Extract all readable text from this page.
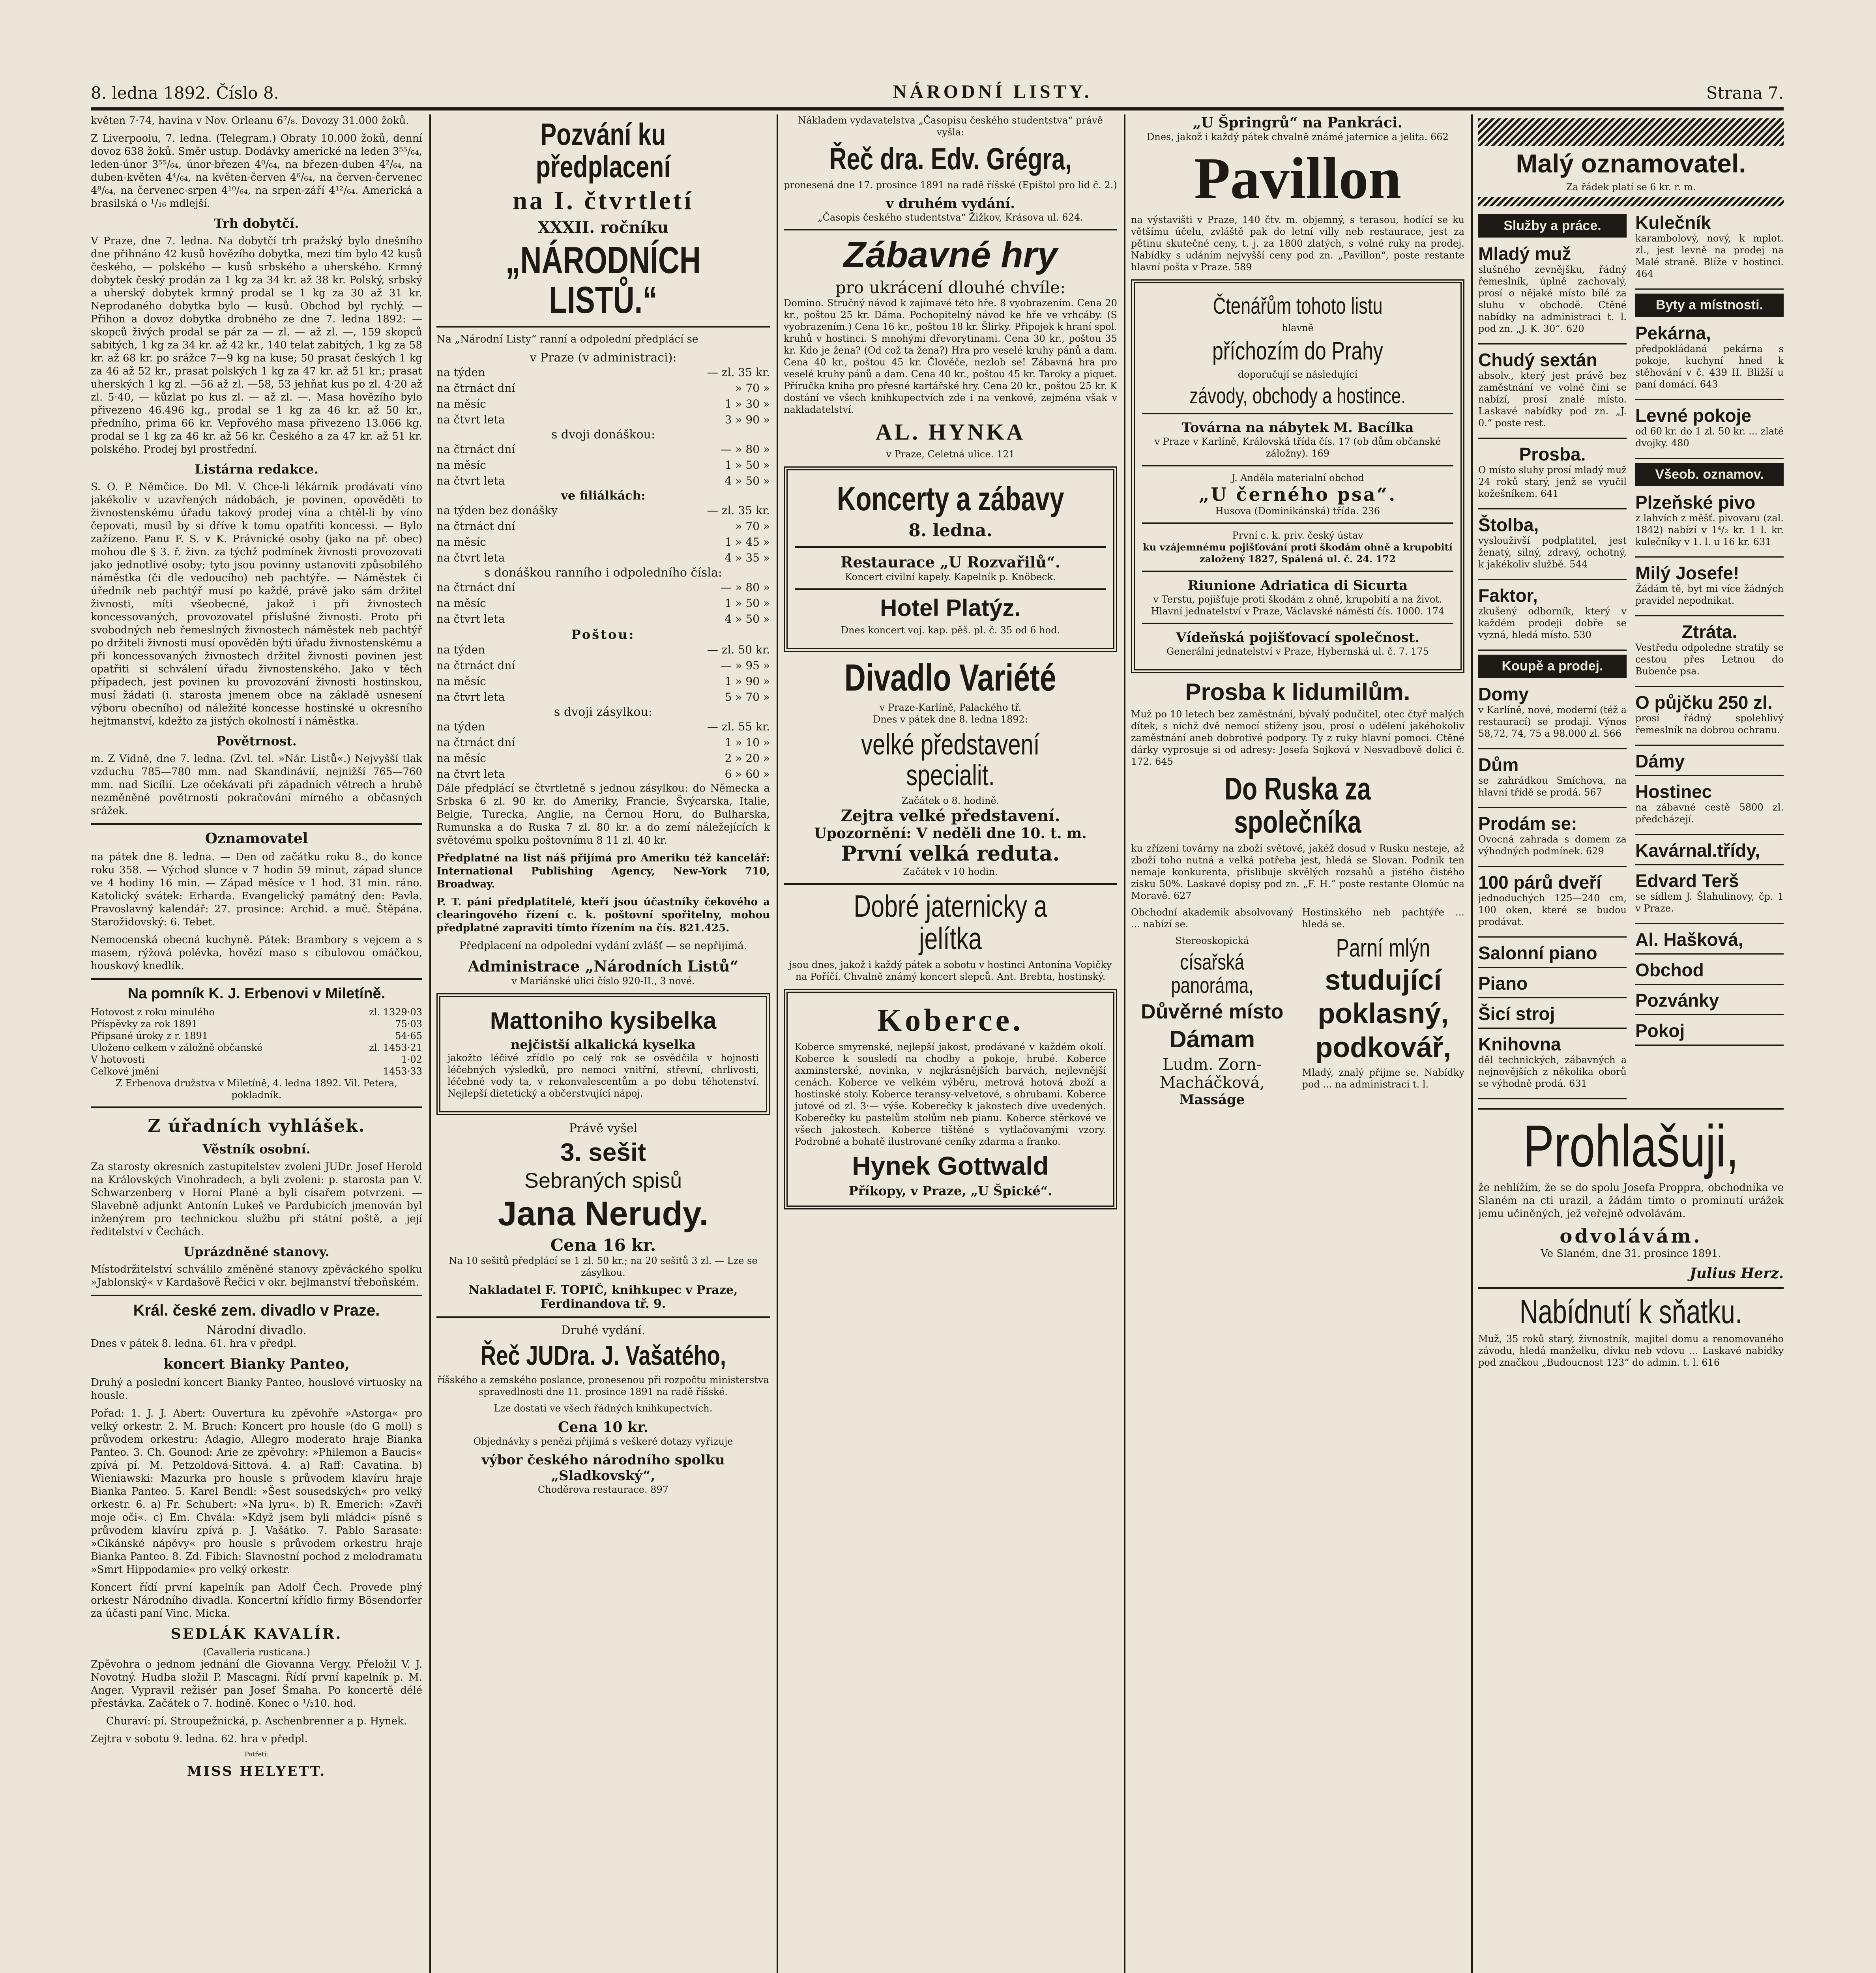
8. ledna 1892. Číslo 8.	NÁRODNÍ LISTY.	Strana 7.

květen 7·74, havina v Nov. Orleanu 6⁷/₈. Dovozy 31.000 žoků.

Z Liverpoolu, 7. ledna. (Telegram.) Obraty 10.000 žoků, denní dovoz 638 žoků. Směr ustup. Dodávky americké na leden 3⁵⁵/₆₄, leden-únor 3⁵⁵/₆₄, únor-březen 4⁰/₆₄, na březen-duben 4²/₆₄, na duben-květen 4⁴/₆₄, na květen-červen 4⁶/₆₄, na červen-červenec 4⁸/₆₄, na červenec-srpen 4¹⁰/₆₄, na srpen-září 4¹²/₆₄. Americká a brasilská o ¹/₁₆ mdlejší.

Trh dobytčí.

V Praze, dne 7. ledna. Na dobytčí trh pražský bylo dnešního dne přihnáno 42 kusů hovězího dobytka, mezi tím bylo 42 kusů českého, — polského — kusů srbského a uherského. Krmný dobytek český prodán za 1 kg za 34 kr. až 38 kr. Polský, srbský a uherský dobytek krmný prodal se 1 kg za 30 až 31 kr. Neprodaného dobytka bylo — kusů. Obchod byl rychlý. — Přihon a dovoz dobytka drobného ze dne 7. ledna 1892: — skopců živých prodal se pár za — zl. — až zl. —, 159 skopců sabitých, 1 kg za 34 kr. až 42 kr., 140 telat zabitých, 1 kg za 58 kr. až 68 kr. po srážce 7—9 kg na kuse; 50 prasat českých 1 kg za 46 až 52 kr., prasat polských 1 kg za 47 kr. až 51 kr.; prasat uherských 1 kg zl. —56 až zl. —58, 53 jehňat kus po zl. 4·20 až zl. 5·40, — kůzlat po kus zl. — až zl. —. Masa hovězího bylo přivezeno 46.496 kg., prodal se 1 kg za 46 kr. až 50 kr., předního, prima 66 kr. Vepřového masa přivezeno 13.066 kg. prodal se 1 kg za 46 kr. až 56 kr. Českého a za 47 kr. až 51 kr. polského. Prodej byl prostřední.

Listárna redakce.

S. O. P. Němčice. Do Ml. V. Chce-li lékárník prodávati víno jakékoliv v uzavřených nádobách, je povinen, opověděti to živnostenskému úřadu takový prodej vína a chtěl-li by víno čepovati, musil by si dříve k tomu opatřiti koncessi. — Bylo zažízeno. Panu F. S. v K. Právnické osoby (jako na př. obec) mohou dle § 3. ř. živn. za týchž podmínek živnosti provozovati jako jednotlivé osoby; tyto jsou povinny ustanoviti způsobilého náměstka (či dle vedoucího) neb pachtýře. — Náměstek či úředník neb pachtýř musí po každé, právě jako sám držitel živnosti, míti všeobecné, jakož i při živnostech koncessovaných, provozovatel příslušné živnosti. Proto při svobodných neb řemeslných živnostech náměstek neb pachtýř po držiteli živnosti musí opověděn býti úřadu živnostenskému a při koncessovaných živnostech držitel živnosti povinen jest opatřiti si schválení úřadu živnostenského. Jako v těch případech, jest povinen ku provozování živnosti hostinskou, musí žádati (i. starosta jmenem obce na základě usnesení výboru obecního) od náležité koncesse hostinské u okresního hejtmanství, kdežto za jistých okolností i náměstka.

Povětrnost.

m. Z Vídně, dne 7. ledna. (Zvl. tel. »Nár. Listů«.) Nejvyšší tlak vzduchu 785—780 mm. nad Skandinávií, nejnižší 765—760 mm. nad Sicílií. Lze očekávati při západních větrech a hrubě nezměněné povětrnosti pokračování mírného a občasných srážek.

Oznamovatel

na pátek dne 8. ledna. — Den od začátku roku 8., do konce roku 358. — Východ slunce v 7 hodin 59 minut, západ slunce ve 4 hodiny 16 min. — Západ měsíce v 1 hod. 31 min. ráno. Katolický svátek: Erharda. Evangelický památný den: Pavla. Pravoslavný kalendář: 27. prosince: Archid. a muč. Štěpána. Starožidovský: 6. Tebet.

Nemocenská obecná kuchyně. Pátek: Brambory s vejcem a s masem, rýžová polévka, hovězí maso s cibulovou omáčkou, houskový knedlík.

Na pomník K. J. Erbenovi v Miletíně.
Hotovost z roku minulého	zl. 1329·03
Příspěvky za rok 1891	75·03
Připsané úroky z r. 1891	54·65
Uloženo celkem v záložně občanské	zl. 1453·21
V hotovosti	1·02
Celkové jmění	1453·33

Z Erbenova družstva v Miletíně, 4. ledna 1892. Vil. Petera, pokladník.

Z úřadních vyhlášek.
Věstník osobní.

Za starosty okresních zastupitelstev zvoleni JUDr. Josef Herold na Královských Vinohradech, a byli zvoleni: p. starosta pan V. Schwarzenberg v Horní Plané a byli císařem potvrzeni. — Slavebně adjunkt Antonín Lukeš ve Pardubicích jmenován byl inženýrem pro technickou službu při státní poště, a její ředitelství v Čechách.

Uprázdněné stanovy.

Místodržitelství schválilo změněné stanovy zpěváckého spolku »Jablonský« v Kardašově Řečici v okr. bejlmanství třeboňském.

Král. české zem. divadlo v Praze.
Národní divadlo.

Dnes v pátek 8. ledna. 61. hra v předpl.

koncert Bianky Panteo,

Druhý a poslední koncert Bianky Panteo, houslové virtuosky na housle.

Pořad: 1. J. J. Abert: Ouvertura ku zpěvohře »Astorga« pro velký orkestr. 2. M. Bruch: Koncert pro housle (do G moll) s průvodem orkestru: Adagio, Allegro moderato hraje Bianka Panteo. 3. Ch. Gounod: Arie ze zpěvohry: »Philemon a Baucis« zpívá pí. M. Petzoldová-Sittová. 4. a) Raff: Cavatina. b) Wieniawski: Mazurka pro housle s průvodem klavíru hraje Bianka Panteo. 5. Karel Bendl: »Šest sousedských« pro velký orkestr. 6. a) Fr. Schubert: »Na lyru«. b) R. Emerich: »Zavři moje oči«. c) Em. Chvála: »Když jsem byli mládci« písně s průvodem klavíru zpívá p. J. Vašátko. 7. Pablo Sarasate: »Cikánské nápěvy« pro housle s průvodem orkestru hraje Bianka Panteo. 8. Zd. Fibich: Slavnostní pochod z melodramatu »Smrt Hippodamie« pro velký orkestr.

Koncert řídí první kapelník pan Adolf Čech. Provede plný orkestr Národního divadla. Koncertní křídlo firmy Bösendorfer za účasti paní Vinc. Micka.

SEDLÁK KAVALÍR.
(Cavalleria rusticana.)

Zpěvohra o jednom jednání dle Giovanna Vergy. Přeložil V. J. Novotný. Hudba složil P. Mascagni. Řídí první kapelník p. M. Anger. Vypravil režisér pan Josef Šmaha. Po koncertě délé přestávka. Začátek o 7. hodině. Konec o ¹/₂10. hod.

Churaví: pí. Stroupežnická, p. Aschenbrenner a p. Hynek.

Zejtra v sobotu 9. ledna. 62. hra v předpl.

Potřetí:
MISS HELYETT.
Pozvání ku předplacení
na I. čtvrtletí
XXXII. ročníku
„NÁRODNÍCH LISTŮ.“

Na „Národní Listy“ ranní a odpolední předplácí se

v Praze (v administraci):
na týden	— zl. 35 kr.
na čtrnáct dní	» 70 »
na měsíc	1 » 30 »
na čtvrt leta	3 » 90 »
s dvoji donáškou:
na čtrnáct dní	— » 80 »
na měsíc	1 » 50 »
na čtvrt leta	4 » 50 »
ve filiálkách:
na týden bez donášky	— zl. 35 kr.
na čtrnáct dní	» 70 »
na měsíc	1 » 45 »
na čtvrt leta	4 » 35 »
s donáškou ranního i odpoledního čísla:
na čtrnáct dní	— » 80 »
na měsíc	1 » 50 »
na čtvrt leta	4 » 50 »
Poštou:
na týden	— zl. 50 kr.
na čtrnáct dní	— » 95 »
na měsíc	1 » 90 »
na čtvrt leta	5 » 70 »
s dvoji zásylkou:
na týden	— zl. 55 kr.
na čtrnáct dní	1 » 10 »
na měsíc	2 » 20 »
na čtvrt leta	6 » 60 »

Dále předplácí se čtvrtletně s jednou zásylkou: do Německa a Srbska 6 zl. 90 kr. do Ameriky, Francie, Švýcarska, Italie, Belgie, Turecka, Anglie, na Černou Horu, do Bulharska, Rumunska a do Ruska 7 zl. 80 kr. a do zemí náležejících k světovému spolku poštovnímu 8 11 zl. 40 kr.

Předplatné na list náš přijímá pro Ameriku též kancelář: International Publishing Agency, New-York 710, Broadway.

P. T. páni předplatitelé, kteří jsou účastníky čekového a clearingového řízení c. k. poštovní spořitelny, mohou předplatné zapraviti tímto řízením na čís. 821.425.

Předplacení na odpolední vydání zvlášť — se nepřijímá.

Administrace „Národních Listů“
v Mariánské ulici číslo 920-II., 3 nové.
Mattoniho kysibelka
nejčistší alkalická kyselka

jakožto léčivé zřídlo po celý rok se osvědčila v hojnosti léčebných výsledků, pro nemoci vnitřní, střevní, chrlivosti, léčebné vody ta, v rekonvalescentům a po dobu těhotenství. Nejlepší dietetický a občerstvující nápoj.

Právě vyšel
3. sešit
Sebraných spisů
Jana Nerudy.
Cena 16 kr.

Na 10 sešitů předplácí se 1 zl. 50 kr.; na 20 sešitů 3 zl. — Lze se zásylkou.

Nakladatel F. TOPIČ, knihkupec v Praze, Ferdinandova tř. 9.
Druhé vydání.
Řeč JUDra. J. Vašatého,

říšského a zemského poslance, pronesenou při rozpočtu ministerstva spravedlnosti dne 11. prosince 1891 na radě říšské.

Lze dostati ve všech řádných knihkupectvích.

Cena 10 kr.

Objednávky s penězi přijímá s veškeré dotazy vyřizuje

výbor českého národního spolku „Sladkovský“,
Choděrova restaurace. 897

Nákladem vydavatelstva „Časopisu českého studentstva“ právě vyšla:

Řeč dra. Edv. Grégra,

pronesená dne 17. prosince 1891 na radě říšské (Epištol pro lid č. 2.)

v druhém vydání.

„Časopis českého studentstva“ Žižkov, Krásova ul. 624.

Zábavné hry
pro ukrácení dlouhé chvíle:

Domino. Stručný návod k zajímavé této hře. 8 vyobrazením. Cena 20 kr., poštou 25 kr. Dáma. Pochopitelný návod ke hře ve vrhcáby. (S vyobrazením.) Cena 16 kr., poštou 18 kr. Šlirky. Připojek k hraní spol. kruhů v hostinci. S mnohými dřevorytinami. Cena 30 kr., poštou 35 kr. Kdo je žena? (Od což ta žena?) Hra pro veselé kruhy pánů a dam. Cena 40 kr., poštou 45 kr. Člověče, nezlob se! Zábavná hra pro veselé kruhy pánů a dam. Cena 40 kr., poštou 45 kr. Taroky a piquet. Příručka kniha pro přesné kartářské hry. Cena 20 kr., poštou 25 kr. K dostání ve všech knihkupectvích zde i na venkově, zejména však v nakladatelství.

AL. HYNKA
v Praze, Celetná ulice. 121
Koncerty a zábavy
8. ledna.
Restaurace „U Rozvařilů“.

Koncert civilní kapely. Kapelník p. Knöbeck.

Hotel Platýz.

Dnes koncert voj. kap. pěš. pl. č. 35 od 6 hod.

Divadlo Variété
v Praze-Karlíně, Palackého tř.
Dnes v pátek dne 8. ledna 1892:
velké představení specialit.
Začátek o 8. hodině.
Zejtra velké představení.
Upozornění: V neděli dne 10. t. m.
První velká reduta.
Začátek v 10 hodin.
Dobré jaternicky a jelítka

jsou dnes, jakož i každý pátek a sobotu v hostinci Antonína Vopičky na Poříčí. Chvalně známý koncert slepců. Ant. Brebta, hostinský.

Koberce.

Koberce smyrenské, nejlepší jakost, prodávané v každém okolí. Koberce k sousledí na chodby a pokoje, hrubé. Koberce axminsterské, novinka, v nejkrásnějších barvách, nejlevnější cenách. Koberce ve velkém výběru, metrová hotová zboží a hostinské stoly. Koberce teransy-velvetové, s obrubami. Koberce jutové od zl. 3·— výše. Koberečky k jakostech díve uvedených. Koberečky ku pastelům stolům neb pianu. Koberce stěrkové ve všech jakostech. Koberce tištěné s vytlačovanými vzory. Podrobné a bohatě ilustrované ceníky zdarma a franko.

Hynek Gottwald
Příkopy, v Praze, „U Špické“.
„U Špringrů“ na Pankráci.

Dnes, jakož i každý pátek chvalně známé jaternice a jelita. 662

Pavillon

na výstavišti v Praze, 140 čtv. m. objemný, s terasou, hodící se ku většímu účelu, zvláště pak do letní villy neb restaurace, jest za pětinu skutečné ceny, t. j. za 1800 zlatých, s volné ruky na prodej. Nabídky s udáním nejvyšší ceny pod zn. „Pavillon“, poste restante hlavní pošta v Praze. 589

Čtenářům tohoto listu
hlavně
příchozím do Prahy
doporučují se následující
závody, obchody a hostince.
Továrna na nábytek M. Bacílka

v Praze v Karlíně, Královská třída čís. 17 (ob dům občanské záložny). 169

J. Anděla materialní obchod
„U černého psa“.

Husova (Dominikánská) třída. 236

První c. k. priv. český ústav

ku vzájemnému pojišťování proti škodám ohně a krupobití založený 1827, Spálená ul. č. 24. 172

Riunione Adriatica di Sicurta

v Terstu, pojišťuje proti škodám z ohně, krupobití a na život. Hlavní jednatelství v Praze, Václavské náměstí čís. 1000. 174

Vídeňská pojišťovací společnost.

Generální jednatelství v Praze, Hybernská ul. č. 7. 175

Prosba k lidumilům.

Muž po 10 letech bez zaměstnání, bývalý podučitel, otec čtyř malých dítek, s nichž dvě nemocí stiženy jsou, prosí o udělení jakéhokoliv zaměstnání aneb dobrotivé podpory. Ty z ruky hlavní pomoci. Ctěné dárky vyprosuje si od adresy: Josefa Sojková v Nesvadbově dolici č. 172. 645

Do Ruska za společníka

ku zřízení továrny na zboží světové, jakéž dosud v Rusku nesteje, až zboží toho nutná a velká potřeba jest, hledá se Slovan. Podnik ten nemaje konkurenta, přislibuje skvělých rozsahů a jistého čistého zisku 50%. Laskavé dopisy pod zn. „F. H.“ poste restante Olomúc na Moravě. 627

Obchodní akademik absolvovaný ... nabízí se.

Stereoskopická
císařská panoráma,
Důvěrné místo
Dámam
Ludm. Zorn-Macháčková,
Masságe

Hostinského neb pachtýře ... hledá se.

Parní mlýn
studující
poklasný,
podkovář,

Mladý, znalý přijme se. Nabídky pod ... na administraci t. l.

Malý oznamovatel.
Za řádek platí se 6 kr. r. m.
Služby a práce.
Mladý muž

slušného zevnějšku, řádný řemeslník, úplně zachovalý, prosí o nějaké místo bílé za sluhu v obchodě. Ctěné nabídky na administraci t. l. pod zn. „J. K. 30“. 620

Chudý sextán

absolv., který jest právě bez zaměstnání ve volné čini se nabízí, prosí znalé místo. Laskavé nabídky pod zn. „J. 0.“ poste rest.

Prosba.

O místo sluhy prosí mladý muž 24 roků starý, jenž se vyučil kožešníkem. 641

Štolba,

vyslouživší podplatitel, jest ženatý, silný, zdravý, ochotný, k jakékoliv službě. 544

Faktor,

zkušený odborník, který v každém prodeji dobře se vyzná, hledá místo. 530

Koupě a prodej.
Domy

v Karlíně, nové, moderní (též a restaurací) se prodají. Výnos 58,72, 74, 75 a 98.000 zl. 566

Dům

se zahrádkou Smíchova, na hlavní třídě se prodá. 567

Prodám se:

Ovocná zahrada s domem za výhodných podmínek. 629

100 párů dveří

jednoduchých 125—240 cm, 100 oken, které se budou prodávat.

Salonní piano
Piano
Šicí stroj
Knihovna

děl technických, zábavných a nejnovějších z několika oborů se výhodně prodá. 631

Kulečník

karambolový, nový, k mplot. zl., jest levně na prodej na Malé straně. Blíže v hostinci. 464

Byty a místnosti.
Pekárna,

předpokládaná pekárna s pokoje, kuchyní hned k stěhování v č. 439 II. Bližší u paní domácí. 643

Levné pokoje

od 60 kr. do 1 zl. 50 kr. ... zlaté dvojky. 480

Všeob. oznamov.
Plzeňské pivo

z lahvích z měšť. pivovaru (zal. 1842) nabízí v 1⁴/₂ kr. 1 l. kr. kulečníky v 1. l. u 16 kr. 631

Milý Josefe!

Žádám tě, byt mi více žádných pravidel nepodnikat.

Ztráta.

Vestředu odpoledne stratily se cestou přes Letnou do Bubenče psa.

O půjčku 250 zl.

prosí řádný spolehlivý řemeslník na dobrou ochranu.

Dámy
Hostinec

na zábavné cestě 5800 zl. předcházejí.

Kavárnal.třídy,
Edvard Terš

se sídlem J. Šlahulinovy, čp. 1 v Praze.

Al. Hašková,
Obchod
Pozvánky
Pokoj
Prohlašuji,

že nehlížím, že se do spolu Josefa Proppra, obchodníka ve Slaném na cti urazil, a žádám tímto o prominutí urážek jemu učiněných, jež veřejně odvolávám.

odvolávám.

Ve Slaném, dne 31. prosince 1891.

Julius Herz.
Nabídnutí k sňatku.

Muž, 35 roků starý, živnostník, majitel domu a renomovaného závodu, hledá manželku, dívku neb vdovu ... Laskavé nabídky pod značkou „Budoucnost 123“ do admin. t. l. 616
